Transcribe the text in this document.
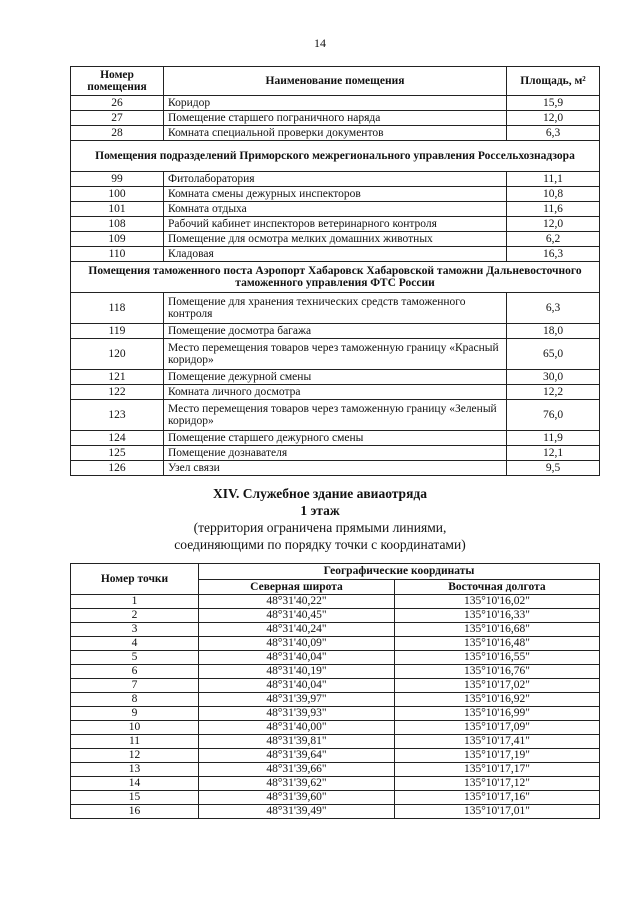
14
Номер помещения	Наименование помещения	Площадь, м²
26	Коридор	15,9
27	Помещение старшего пограничного наряда	12,0
28	Комната специальной проверки документов	6,3
Помещения подразделений Приморского межрегионального управления Россельхознадзора		
99	Фитолаборатория	11,1
100	Комната смены дежурных инспекторов	10,8
101	Комната отдыха	11,6
108	Рабочий кабинет инспекторов ветеринарного контроля	12,0
109	Помещение для осмотра мелких домашних животных	6,2
110	Кладовая	16,3
Помещения таможенного поста Аэропорт Хабаровск Хабаровской таможни Дальневосточного таможенного управления ФТС России		
118	Помещение для хранения технических средств таможенного контроля	6,3
119	Помещение досмотра багажа	18,0
120	Место перемещения товаров через таможенную границу «Красный коридор»	65,0
121	Помещение дежурной смены	30,0
122	Комната личного досмотра	12,2
123	Место перемещения товаров через таможенную границу «Зеленый коридор»	76,0
124	Помещение старшего дежурного смены	11,9
125	Помещение дознавателя	12,1
126	Узел связи	9,5
XIV. Служебное здание авиаотряда
1 этаж
(территория ограничена прямыми линиями,
соединяющими по порядку точки с координатами)
Номер точки	Географические координаты	
	Северная широта	Восточная долгота
1	48°31'40,22"	135°10'16,02"
2	48°31'40,45"	135°10'16,33"
3	48°31'40,24"	135°10'16,68"
4	48°31'40,09"	135°10'16,48"
5	48°31'40,04"	135°10'16,55"
6	48°31'40,19"	135°10'16,76"
7	48°31'40,04"	135°10'17,02"
8	48°31'39,97"	135°10'16,92"
9	48°31'39,93"	135°10'16,99"
10	48°31'40,00"	135°10'17,09"
11	48°31'39,81"	135°10'17,41"
12	48°31'39,64"	135°10'17,19"
13	48°31'39,66"	135°10'17,17"
14	48°31'39,62"	135°10'17,12"
15	48°31'39,60"	135°10'17,16"
16	48°31'39,49"	135°10'17,01"
